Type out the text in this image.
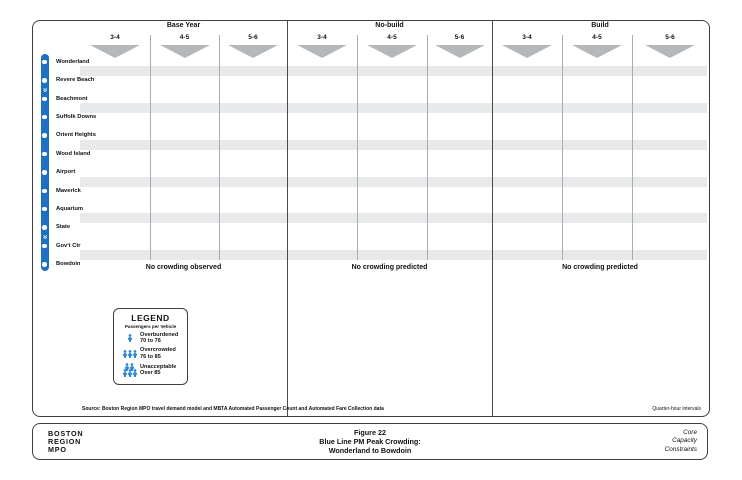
Base Year
3-4	4-5	5-6
No crowding observed
No-build
3-4	4-5	5-6
No crowding predicted
Build
3-4	4-5	5-6
No crowding predicted
Wonderland
Revere Beach
Beachmont
Suffolk Downs
Orient Heights
Wood Island
Airport
Maverick
Aquarium
State
Gov't Ctr
Bowdoin
»
»
Source: Boston Region MPO travel demand model and MBTA Automated Passenger Count and Automated Fare Collection data	Quarter-hour intervals
LEGEND
Passengers per Vehicle
Overburdened
70 to 76
Overcrowded
76 to 85
Unacceptable
Over 85
BOSTON
REGION
MPO
Figure 22
Blue Line PM Peak Crowding:
Wonderland to Bowdoin
Core
Capacity
Constraints
